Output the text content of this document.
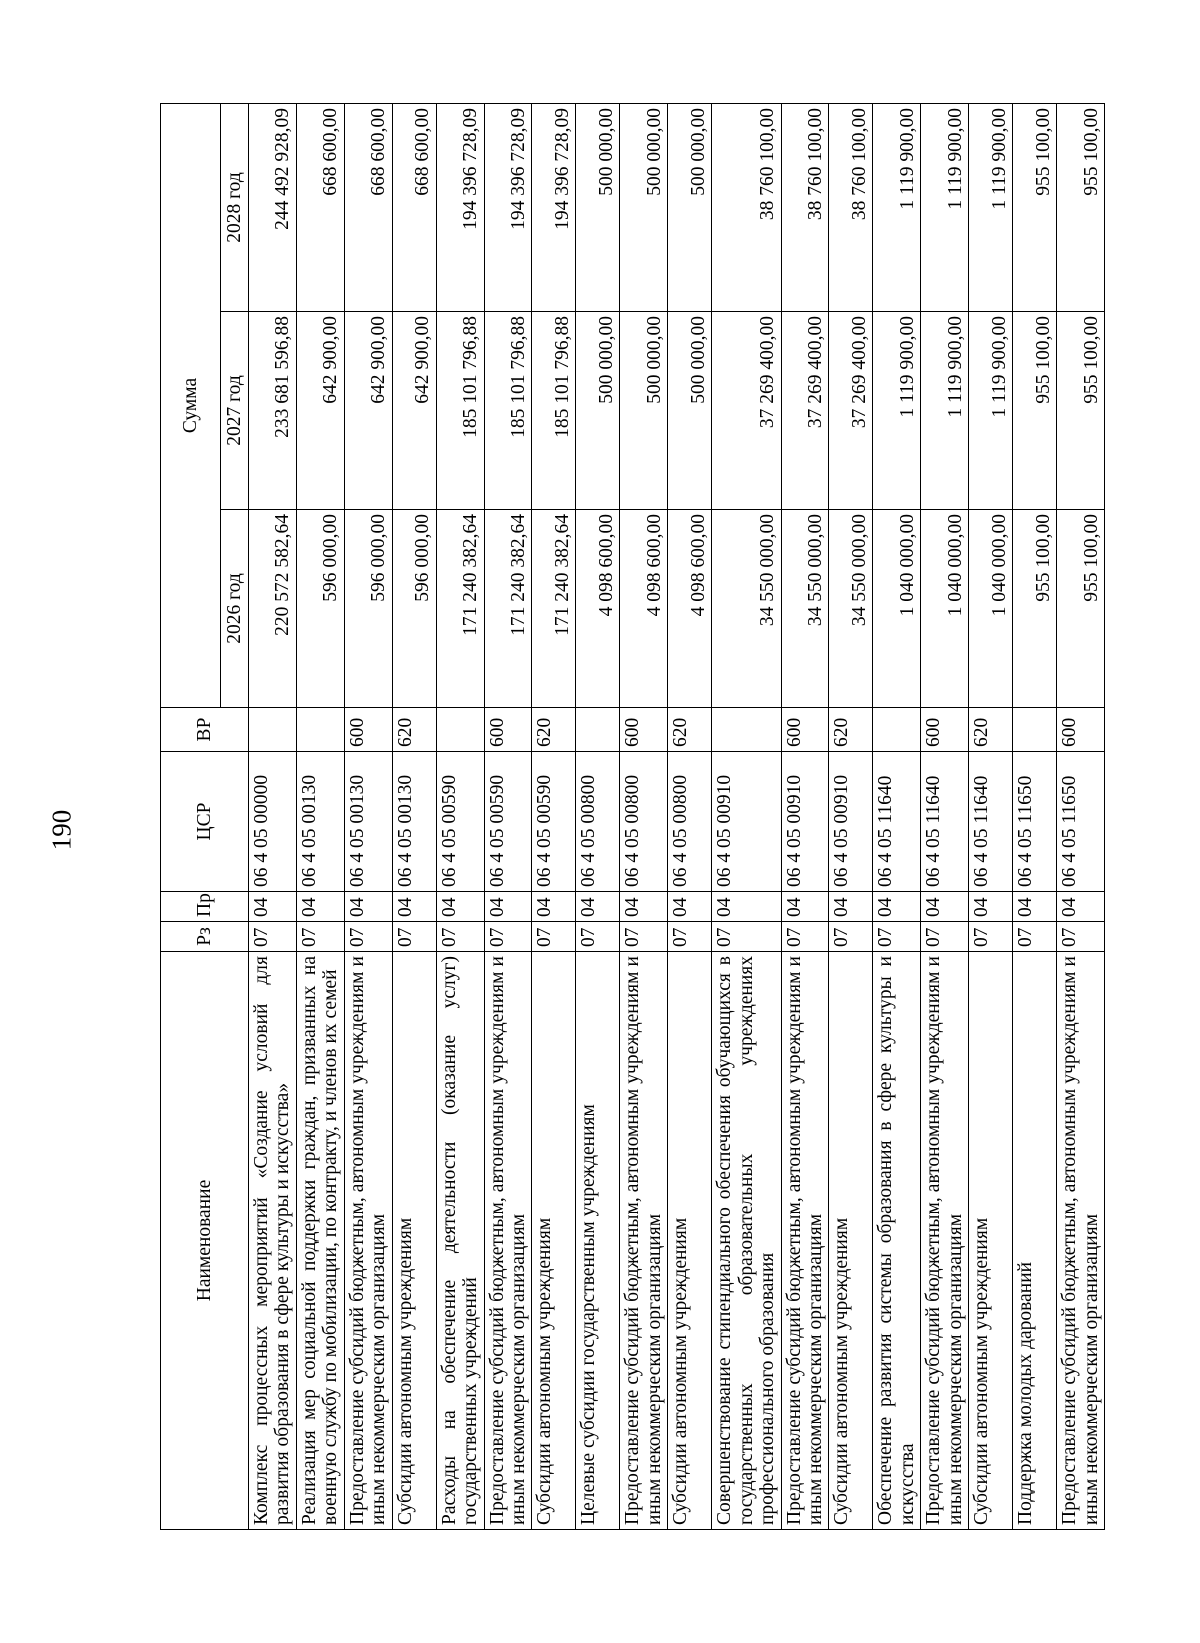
190
Наименование	Рз	Пр	ЦСР	ВР	Сумма		
					2026 год	2027 год	2028 год
Комплекс процессных мероприятий «Создание условий для развития образования в сфере культуры и искусства»	07	04	06 4 05 00000		220 572 582,64	233 681 596,88	244 492 928,09
Реализация мер социальной поддержки граждан, призванных на военную службу по мобилизации, по контракту, и членов их семей	07	04	06 4 05 00130		596 000,00	642 900,00	668 600,00
Предоставление субсидий бюджетным, автономным учреждениям и иным некоммерческим организациям	07	04	06 4 05 00130	600	596 000,00	642 900,00	668 600,00
Субсидии автономным учреждениям	07	04	06 4 05 00130	620	596 000,00	642 900,00	668 600,00
Расходы на обеспечение деятельности (оказание услуг) государственных учреждений	07	04	06 4 05 00590		171 240 382,64	185 101 796,88	194 396 728,09
Предоставление субсидий бюджетным, автономным учреждениям и иным некоммерческим организациям	07	04	06 4 05 00590	600	171 240 382,64	185 101 796,88	194 396 728,09
Субсидии автономным учреждениям	07	04	06 4 05 00590	620	171 240 382,64	185 101 796,88	194 396 728,09
Целевые субсидии государственным учреждениям	07	04	06 4 05 00800		4 098 600,00	500 000,00	500 000,00
Предоставление субсидий бюджетным, автономным учреждениям и иным некоммерческим организациям	07	04	06 4 05 00800	600	4 098 600,00	500 000,00	500 000,00
Субсидии автономным учреждениям	07	04	06 4 05 00800	620	4 098 600,00	500 000,00	500 000,00
Совершенствование стипендиального обеспечения обучающихся в государственных образовательных учреждениях профессионального образования	07	04	06 4 05 00910		34 550 000,00	37 269 400,00	38 760 100,00
Предоставление субсидий бюджетным, автономным учреждениям и иным некоммерческим организациям	07	04	06 4 05 00910	600	34 550 000,00	37 269 400,00	38 760 100,00
Субсидии автономным учреждениям	07	04	06 4 05 00910	620	34 550 000,00	37 269 400,00	38 760 100,00
Обеспечение развития системы образования в сфере культуры и искусства	07	04	06 4 05 11640		1 040 000,00	1 119 900,00	1 119 900,00
Предоставление субсидий бюджетным, автономным учреждениям и иным некоммерческим организациям	07	04	06 4 05 11640	600	1 040 000,00	1 119 900,00	1 119 900,00
Субсидии автономным учреждениям	07	04	06 4 05 11640	620	1 040 000,00	1 119 900,00	1 119 900,00
Поддержка молодых дарований	07	04	06 4 05 11650		955 100,00	955 100,00	955 100,00
Предоставление субсидий бюджетным, автономным учреждениям и иным некоммерческим организациям	07	04	06 4 05 11650	600	955 100,00	955 100,00	955 100,00
